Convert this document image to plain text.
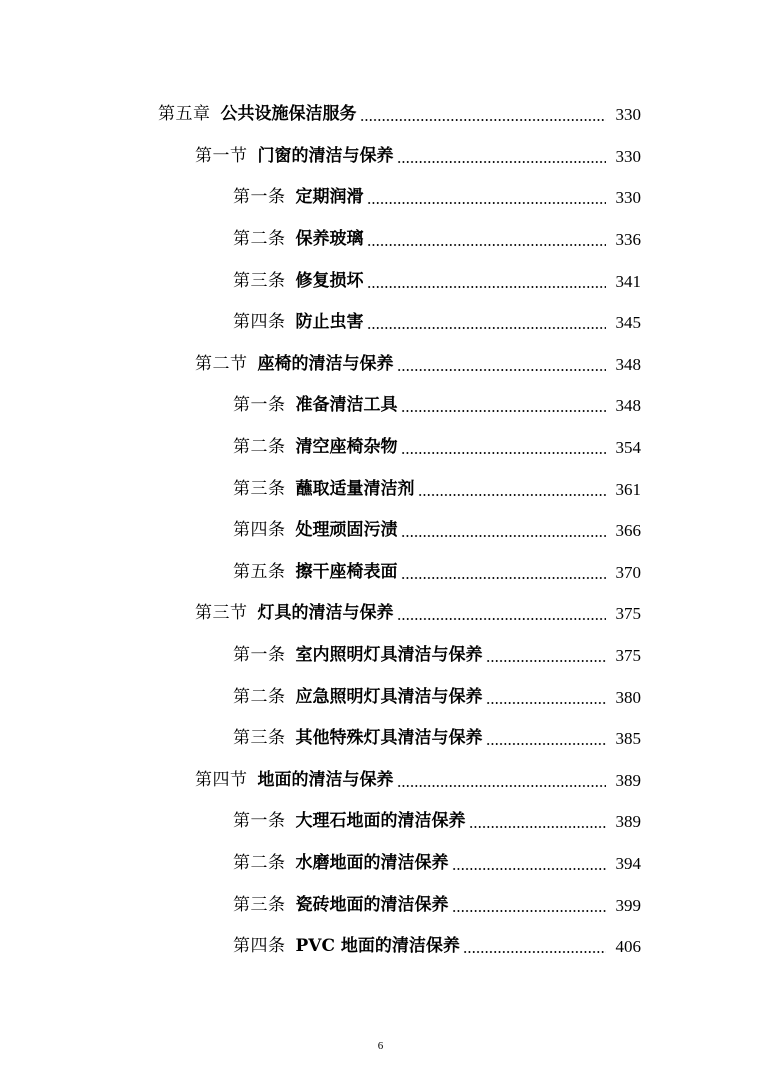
第五章 公共设施保洁服务	330
第一节 门窗的清洁与保养	330
第一条 定期润滑	330
第二条 保养玻璃	336
第三条 修复损坏	341
第四条 防止虫害	345
第二节 座椅的清洁与保养	348
第一条 准备清洁工具	348
第二条 清空座椅杂物	354
第三条 蘸取适量清洁剂	361
第四条 处理顽固污渍	366
第五条 擦干座椅表面	370
第三节 灯具的清洁与保养	375
第一条 室内照明灯具清洁与保养	375
第二条 应急照明灯具清洁与保养	380
第三条 其他特殊灯具清洁与保养	385
第四节 地面的清洁与保养	389
第一条 大理石地面的清洁保养	389
第二条 水磨地面的清洁保养	394
第三条 瓷砖地面的清洁保养	399
第四条 PVC 地面的清洁保养	406
6
